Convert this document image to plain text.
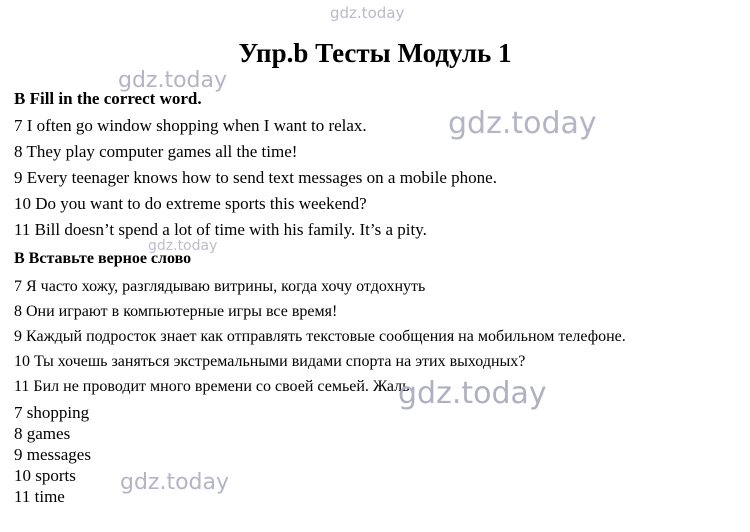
gdz.today
Упр.b Тесты Модуль 1
gdz.today
B Fill in the correct word.
7 I often go window shopping when I want to relax.
8 They play computer games all the time!
9 Every teenager knows how to send text messages on a mobile phone.
10 Do you want to do extreme sports this weekend?
11 Bill doesn’t spend a lot of time with his family. It’s a pity.
B Вставьте верное слово
7 Я часто хожу, разглядываю витрины, когда хочу отдохнуть
8 Они играют в компьютерные игры все время!
9 Каждый подросток знает как отправлять текстовые сообщения на мобильном телефоне.
10 Ты хочешь заняться экстремальными видами спорта на этих выходных?
11 Бил не проводит много времени со своей семьей. Жаль.
gdz.today
gdz.today
7 shopping
8 games
9 messages
10 sports
11 time
gdz.today
gdz.today
